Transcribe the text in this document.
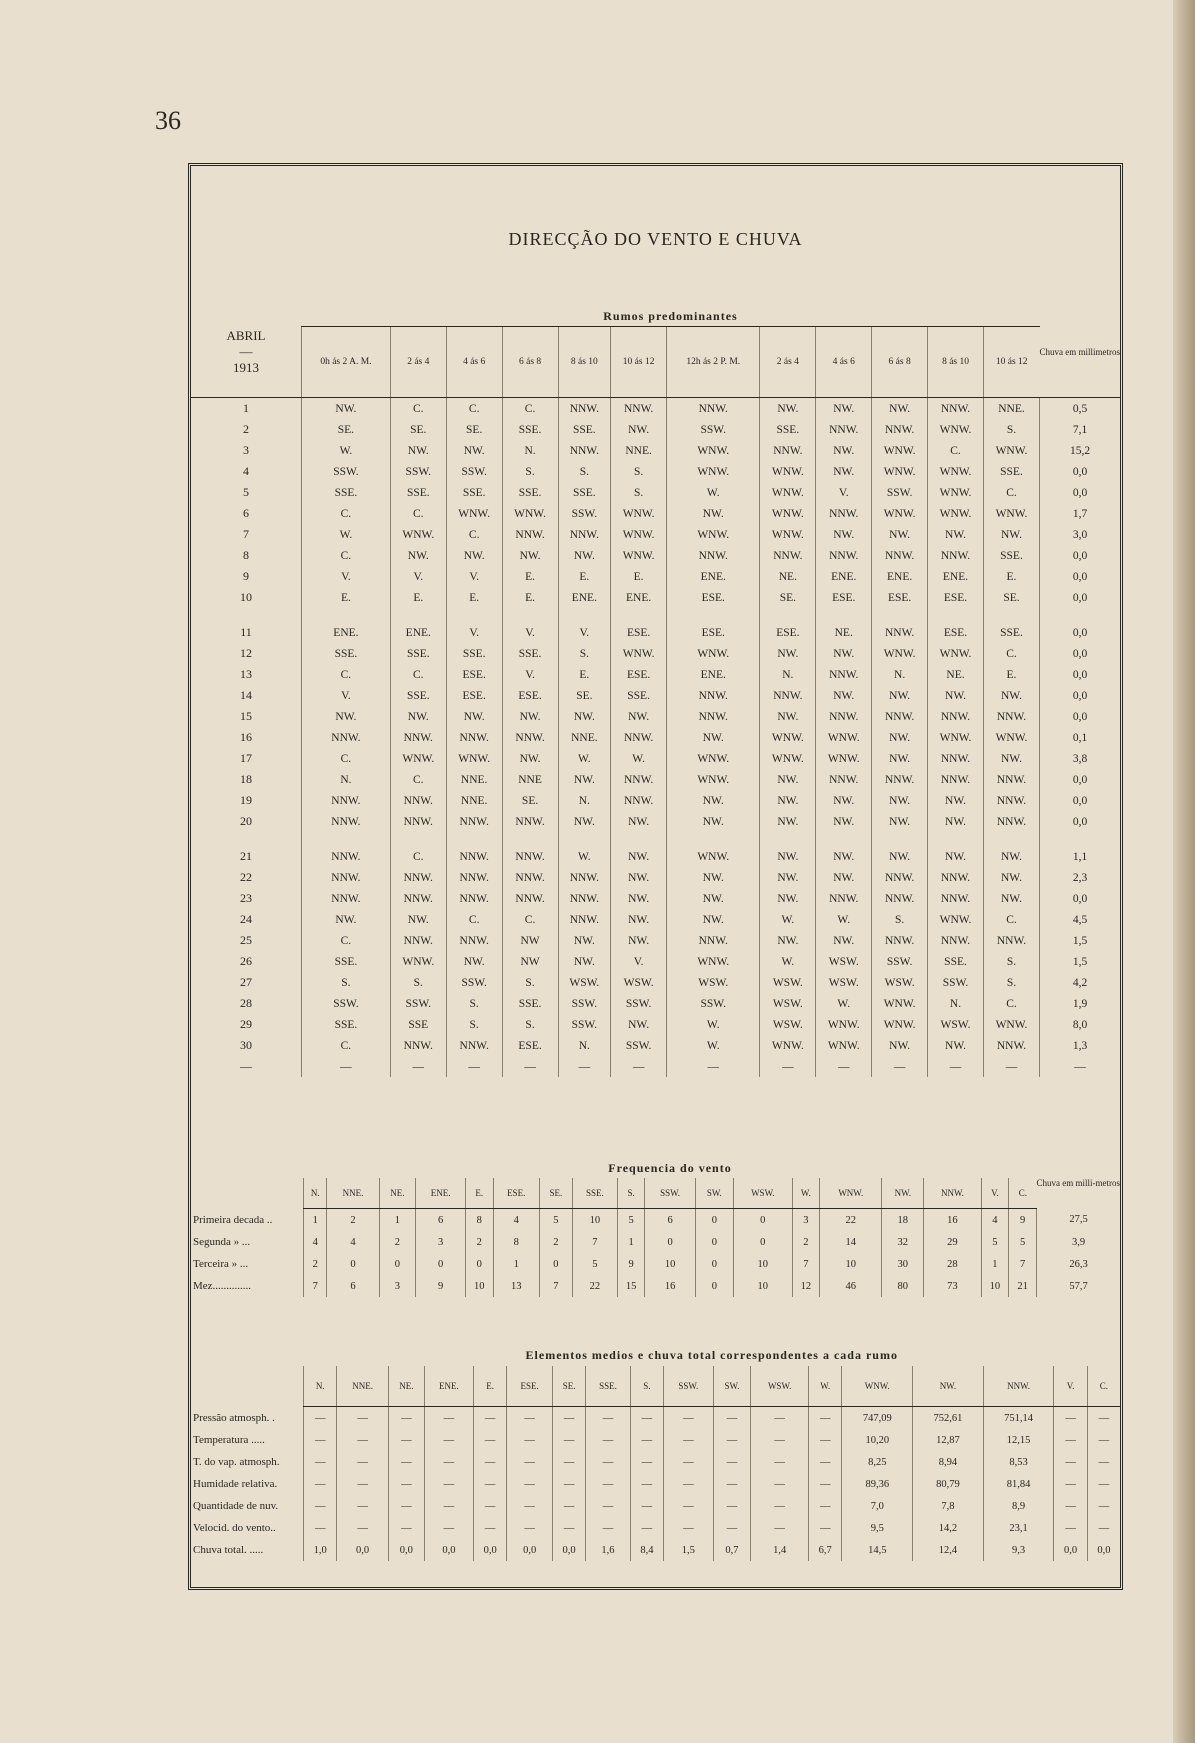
36
DIRECÇÃO DO VENTO E CHUVA
ABRIL
—
1913	Rumos predominantes												Chuva em millimetros
	0h ás 2 A. M.	2 ás 4	4 ás 6	6 ás 8	8 ás 10	10 ás 12	12h ás 2 P. M.	2 ás 4	4 ás 6	6 ás 8	8 ás 10	10 ás 12	
1	NW.	C.	C.	C.	NNW.	NNW.	NNW.	NW.	NW.	NW.	NNW.	NNE.	0,5
2	SE.	SE.	SE.	SSE.	SSE.	NW.	SSW.	SSE.	NNW.	NNW.	WNW.	S.	7,1
3	W.	NW.	NW.	N.	NNW.	NNE.	WNW.	NNW.	NW.	WNW.	C.	WNW.	15,2
4	SSW.	SSW.	SSW.	S.	S.	S.	WNW.	WNW.	NW.	WNW.	WNW.	SSE.	0,0
5	SSE.	SSE.	SSE.	SSE.	SSE.	S.	W.	WNW.	V.	SSW.	WNW.	C.	0,0
6	C.	C.	WNW.	WNW.	SSW.	WNW.	NW.	WNW.	NNW.	WNW.	WNW.	WNW.	1,7
7	W.	WNW.	C.	NNW.	NNW.	WNW.	WNW.	WNW.	NW.	NW.	NW.	NW.	3,0
8	C.	NW.	NW.	NW.	NW.	WNW.	NNW.	NNW.	NNW.	NNW.	NNW.	SSE.	0,0
9	V.	V.	V.	E.	E.	E.	ENE.	NE.	ENE.	ENE.	ENE.	E.	0,0
10	E.	E.	E.	E.	ENE.	ENE.	ESE.	SE.	ESE.	ESE.	ESE.	SE.	0,0

11	ENE.	ENE.	V.	V.	V.	ESE.	ESE.	ESE.	NE.	NNW.	ESE.	SSE.	0,0
12	SSE.	SSE.	SSE.	SSE.	S.	WNW.	WNW.	NW.	NW.	WNW.	WNW.	C.	0,0
13	C.	C.	ESE.	V.	E.	ESE.	ENE.	N.	NNW.	N.	NE.	E.	0,0
14	V.	SSE.	ESE.	ESE.	SE.	SSE.	NNW.	NNW.	NW.	NW.	NW.	NW.	0,0
15	NW.	NW.	NW.	NW.	NW.	NW.	NNW.	NW.	NNW.	NNW.	NNW.	NNW.	0,0
16	NNW.	NNW.	NNW.	NNW.	NNE.	NNW.	NW.	WNW.	WNW.	NW.	WNW.	WNW.	0,1
17	C.	WNW.	WNW.	NW.	W.	W.	WNW.	WNW.	WNW.	NW.	NNW.	NW.	3,8
18	N.	C.	NNE.	NNE	NW.	NNW.	WNW.	NW.	NNW.	NNW.	NNW.	NNW.	0,0
19	NNW.	NNW.	NNE.	SE.	N.	NNW.	NW.	NW.	NW.	NW.	NW.	NNW.	0,0
20	NNW.	NNW.	NNW.	NNW.	NW.	NW.	NW.	NW.	NW.	NW.	NW.	NNW.	0,0

21	NNW.	C.	NNW.	NNW.	W.	NW.	WNW.	NW.	NW.	NW.	NW.	NW.	1,1
22	NNW.	NNW.	NNW.	NNW.	NNW.	NW.	NW.	NW.	NW.	NNW.	NNW.	NW.	2,3
23	NNW.	NNW.	NNW.	NNW.	NNW.	NW.	NW.	NW.	NNW.	NNW.	NNW.	NW.	0,0
24	NW.	NW.	C.	C.	NNW.	NW.	NW.	W.	W.	S.	WNW.	C.	4,5
25	C.	NNW.	NNW.	NW	NW.	NW.	NNW.	NW.	NW.	NNW.	NNW.	NNW.	1,5
26	SSE.	WNW.	NW.	NW	NW.	V.	WNW.	W.	WSW.	SSW.	SSE.	S.	1,5
27	S.	S.	SSW.	S.	WSW.	WSW.	WSW.	WSW.	WSW.	WSW.	SSW.	S.	4,2
28	SSW.	SSW.	S.	SSE.	SSW.	SSW.	SSW.	WSW.	W.	WNW.	N.	C.	1,9
29	SSE.	SSE	S.	S.	SSW.	NW.	W.	WSW.	WNW.	WNW.	WSW.	WNW.	8,0
30	C.	NNW.	NNW.	ESE.	N.	SSW.	W.	WNW.	WNW.	NW.	NW.	NNW.	1,3
—	—	—	—	—	—	—	—	—	—	—	—	—	—
	Frequencia do vento																		Chuva em milli-metros
	N.	NNE.	NE.	ENE.	E.	ESE.	SE.	SSE.	S.	SSW.	SW.	WSW.	W.	WNW.	NW.	NNW.	V.	C.	
Primeira decada ..	1	2	1	6	8	4	5	10	5	6	0	0	3	22	18	16	4	9	27,5
Segunda » ...	4	4	2	3	2	8	2	7	1	0	0	0	2	14	32	29	5	5	3,9
Terceira » ...	2	0	0	0	0	1	0	5	9	10	0	10	7	10	30	28	1	7	26,3
Mez..............	7	6	3	9	10	13	7	22	15	16	0	10	12	46	80	73	10	21	57,7
	Elementos medios e chuva total correspondentes a cada rumo																	
	N.	NNE.	NE.	ENE.	E.	ESE.	SE.	SSE.	S.	SSW.	SW.	WSW.	W.	WNW.	NW.	NNW.	V.	C.
Pressão atmosph. .	—	—	—	—	—	—	—	—	—	—	—	—	—	747,09	752,61	751,14	—	—
Temperatura .....	—	—	—	—	—	—	—	—	—	—	—	—	—	10,20	12,87	12,15	—	—
T. do vap. atmosph.	—	—	—	—	—	—	—	—	—	—	—	—	—	8,25	8,94	8,53	—	—
Humidade relativa.	—	—	—	—	—	—	—	—	—	—	—	—	—	89,36	80,79	81,84	—	—
Quantidade de nuv.	—	—	—	—	—	—	—	—	—	—	—	—	—	7,0	7,8	8,9	—	—
Velocid. do vento..	—	—	—	—	—	—	—	—	—	—	—	—	—	9,5	14,2	23,1	—	—
Chuva total. .....	1,0	0,0	0,0	0,0	0,0	0,0	0,0	1,6	8,4	1,5	0,7	1,4	6,7	14,5	12,4	9,3	0,0	0,0
